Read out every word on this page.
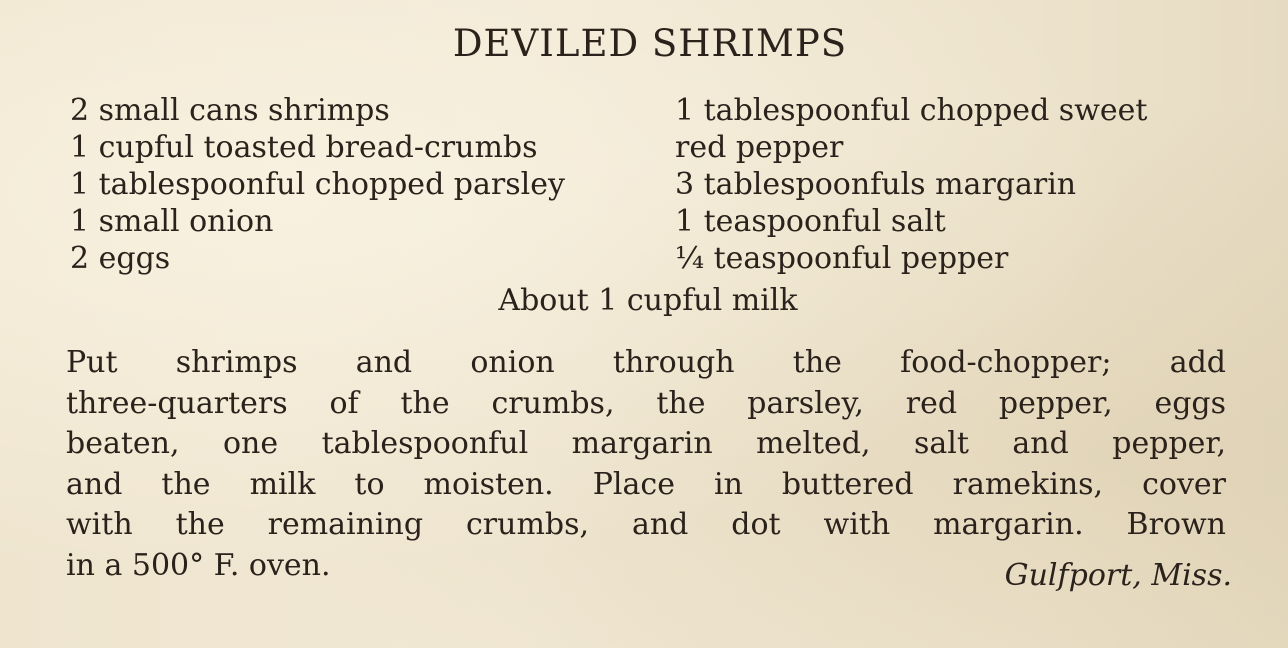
DEVILED SHRIMPS
2 small cans shrimps
1 cupful toasted bread-crumbs
1 tablespoonful chopped parsley
1 small onion
2 eggs
1 tablespoonful chopped sweet
red pepper
3 tablespoonfuls margarin
1 teaspoonful salt
¼ teaspoonful pepper
About 1 cupful milk

Put shrimps and onion through the food-chopper; add
three-quarters of the crumbs, the parsley, red pepper, eggs
beaten, one tablespoonful margarin melted, salt and pepper,
and the milk to moisten. Place in buttered ramekins, cover
with the remaining crumbs, and dot with margarin. Brown
in a 500° F. oven.	Gulfport, Miss.
